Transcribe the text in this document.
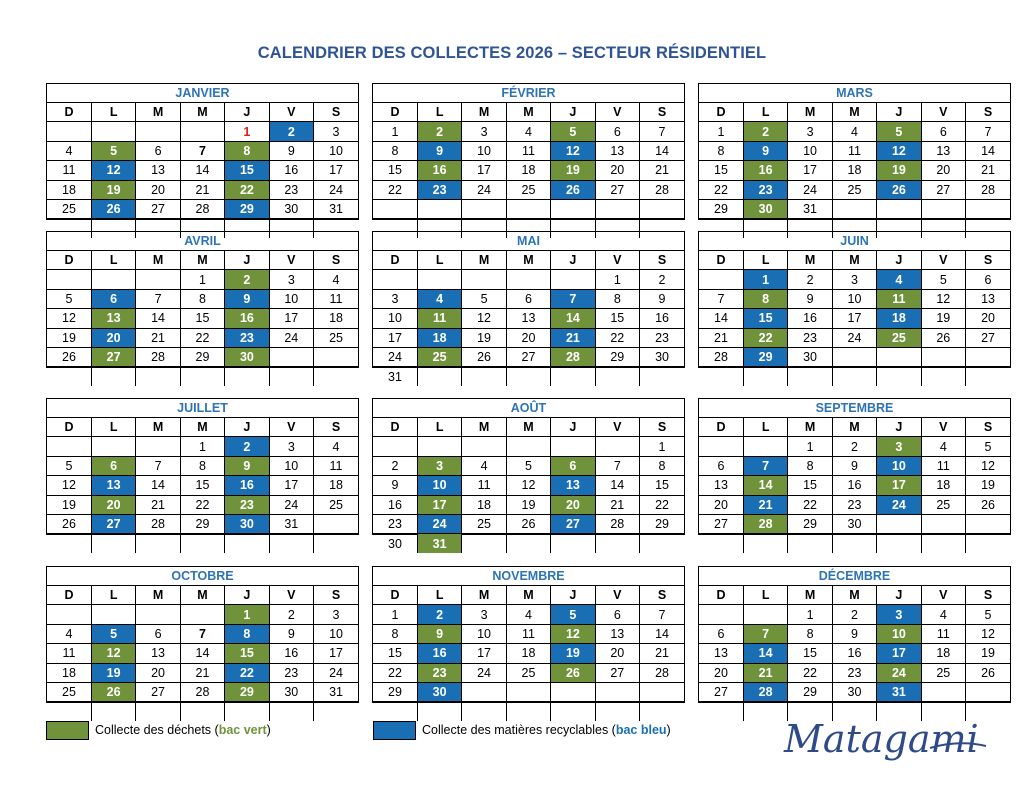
CALENDRIER DES COLLECTES 2026 – SECTEUR RÉSIDENTIEL
JANVIER
D	L	M	M	J	V	S
				1	2	3
4	5	6	7	8	9	10
11	12	13	14	15	16	17
18	19	20	21	22	23	24
25	26	27	28	29	30	31

FÉVRIER
D	L	M	M	J	V	S
1	2	3	4	5	6	7
8	9	10	11	12	13	14
15	16	17	18	19	20	21
22	23	24	25	26	27	28

MARS
D	L	M	M	J	V	S
1	2	3	4	5	6	7
8	9	10	11	12	13	14
15	16	17	18	19	20	21
22	23	24	25	26	27	28
29	30	31				

AVRIL
D	L	M	M	J	V	S
			1	2	3	4
5	6	7	8	9	10	11
12	13	14	15	16	17	18
19	20	21	22	23	24	25
26	27	28	29	30		

MAI
D	L	M	M	J	V	S
					1	2
3	4	5	6	7	8	9
10	11	12	13	14	15	16
17	18	19	20	21	22	23
24	25	26	27	28	29	30
31						
JUIN
D	L	M	M	J	V	S
	1	2	3	4	5	6
7	8	9	10	11	12	13
14	15	16	17	18	19	20
21	22	23	24	25	26	27
28	29	30				

JUILLET
D	L	M	M	J	V	S
			1	2	3	4
5	6	7	8	9	10	11
12	13	14	15	16	17	18
19	20	21	22	23	24	25
26	27	28	29	30	31	

AOÛT
D	L	M	M	J	V	S
						1
2	3	4	5	6	7	8
9	10	11	12	13	14	15
16	17	18	19	20	21	22
23	24	25	26	27	28	29
30	31					
SEPTEMBRE
D	L	M	M	J	V	S
		1	2	3	4	5
6	7	8	9	10	11	12
13	14	15	16	17	18	19
20	21	22	23	24	25	26
27	28	29	30			

OCTOBRE
D	L	M	M	J	V	S
				1	2	3
4	5	6	7	8	9	10
11	12	13	14	15	16	17
18	19	20	21	22	23	24
25	26	27	28	29	30	31

NOVEMBRE
D	L	M	M	J	V	S
1	2	3	4	5	6	7
8	9	10	11	12	13	14
15	16	17	18	19	20	21
22	23	24	25	26	27	28
29	30					

DÉCEMBRE
D	L	M	M	J	V	S
		1	2	3	4	5
6	7	8	9	10	11	12
13	14	15	16	17	18	19
20	21	22	23	24	25	26
27	28	29	30	31		

Collecte des déchets ( bac vert )	Collecte des matières recyclables ( bac bleu )	Matagami
